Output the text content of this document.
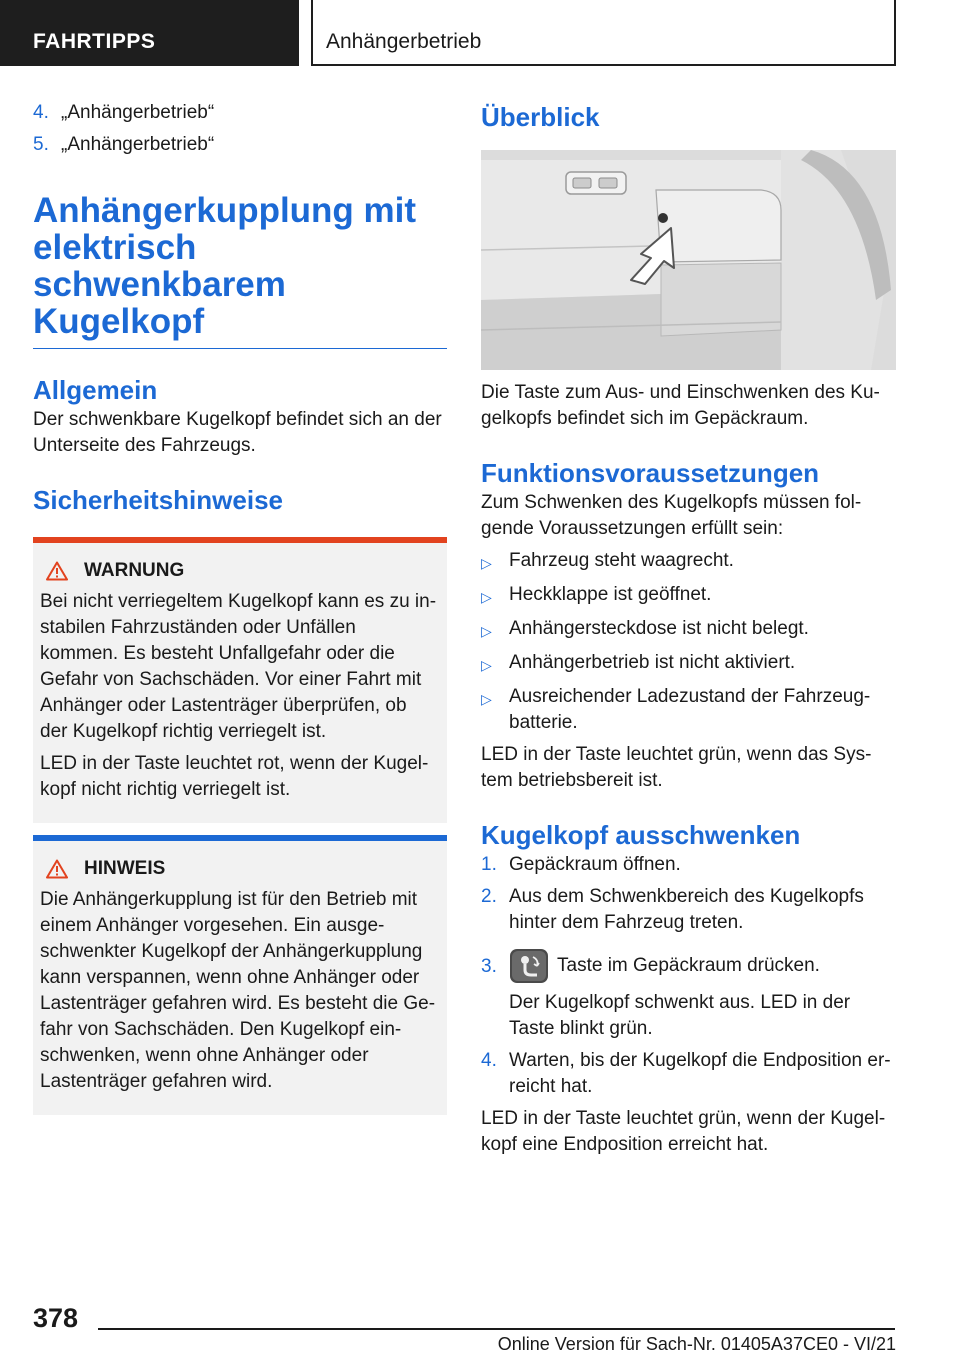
FAHRTIPPS	Anhängerbetrieb
4. „Anhängerbetrieb“
5. „Anhängerbetrieb“
Anhängerkupplung mit elektrisch schwenkbarem Kugelkopf
Allgemein
Der schwenkbare Kugelkopf befindet sich an der Unterseite des Fahrzeugs.
Sicherheitshinweise
WARNUNG
Bei nicht verriegeltem Kugelkopf kann es zu instabilen Fahrzuständen oder Unfällen kommen. Es besteht Unfallgefahr oder die Gefahr von Sachschäden. Vor einer Fahrt mit Anhänger oder Lastenträger überprüfen, ob der Kugelkopf richtig verriegelt ist.
LED in der Taste leuchtet rot, wenn der Kugelkopf nicht richtig verriegelt ist.
HINWEIS
Die Anhängerkupplung ist für den Betrieb mit einem Anhänger vorgesehen. Ein ausgeschwenkter Kugelkopf der Anhängerkupplung kann verspannen, wenn ohne Anhänger oder Lastenträger gefahren wird. Es besteht die Gefahr von Sachschäden. Den Kugelkopf einschwenken, wenn ohne Anhänger oder Lastenträger gefahren wird.
Überblick
Die Taste zum Aus- und Einschwenken des Kugelkopfs befindet sich im Gepäckraum.
Funktionsvoraussetzungen
Zum Schwenken des Kugelkopfs müssen folgende Voraussetzungen erfüllt sein:
▷ Fahrzeug steht waagrecht.
▷ Heckklappe ist geöffnet.
▷ Anhängersteckdose ist nicht belegt.
▷ Anhängerbetrieb ist nicht aktiviert.
▷ Ausreichender Ladezustand der Fahrzeugbatterie.
LED in der Taste leuchtet grün, wenn das System betriebsbereit ist.
Kugelkopf ausschwenken
1. Gepäckraum öffnen.
2. Aus dem Schwenkbereich des Kugelkopfs hinter dem Fahrzeug treten.
3.	Taste im Gepäckraum drücken.
Der Kugelkopf schwenkt aus. LED in der Taste blinkt grün.
4. Warten, bis der Kugelkopf die Endposition erreicht hat.
LED in der Taste leuchtet grün, wenn der Kugelkopf eine Endposition erreicht hat.
378
Online Version für Sach-Nr. 01405A37CE0 - VI/21
